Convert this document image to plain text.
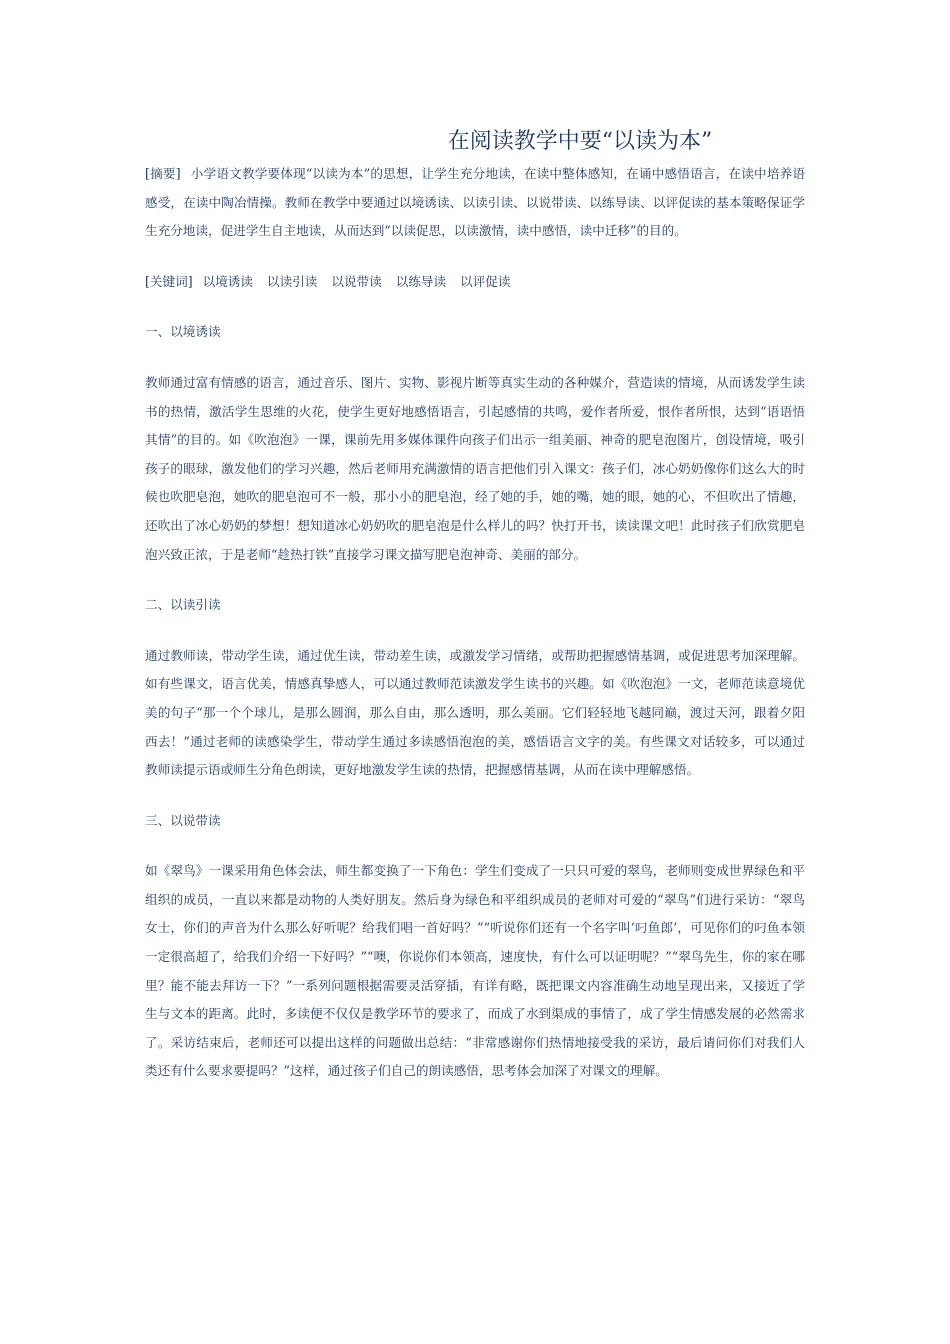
在阅读教学中要“以读为本”

[摘要] 小学语文教学要体现“以读为本”的思想，让学生充分地读，在读中整体感知，在诵中感悟语言，在读中培养语感受，在读中陶冶情操。教师在教学中要通过以境诱读、以读引读、以说带读、以练导读、以评促读的基本策略保证学生充分地读，促进学生自主地读，从而达到“以读促思，以读激情，读中感悟，读中迁移”的目的。

[关键词] 以境诱读 以读引读 以说带读 以练导读 以评促读

一、以境诱读

教师通过富有情感的语言，通过音乐、图片、实物、影视片断等真实生动的各种媒介，营造读的情境，从而诱发学生读书的热情，激活学生思维的火花，使学生更好地感悟语言，引起感情的共鸣，爱作者所爱，恨作者所恨，达到“语语悟其情”的目的。如《吹泡泡》一课，课前先用多媒体课件向孩子们出示一组美丽、神奇的肥皂泡图片，创设情境，吸引孩子的眼球，激发他们的学习兴趣，然后老师用充满激情的语言把他们引入课文：孩子们，冰心奶奶像你们这么大的时候也吹肥皂泡，她吹的肥皂泡可不一般，那小小的肥皂泡，经了她的手，她的嘴，她的眼，她的心，不但吹出了情趣，还吹出了冰心奶奶的梦想！想知道冰心奶奶吹的肥皂泡是什么样儿的吗？快打开书，读读课文吧！此时孩子们欣赏肥皂泡兴致正浓，于是老师“趁热打铁”直接学习课文描写肥皂泡神奇、美丽的部分。

二、以读引读

通过教师读，带动学生读，通过优生读，带动差生读，或激发学习情绪，或帮助把握感情基调，或促进思考加深理解。如有些课文，语言优美，情感真挚感人，可以通过教师范读激发学生读书的兴趣。如《吹泡泡》一文，老师范读意境优美的句子“那一个个球儿，是那么圆润，那么自由，那么透明，那么美丽。它们轻轻地飞越同巅，渡过天河，跟着夕阳西去！”通过老师的读感染学生，带动学生通过多读感悟泡泡的美，感悟语言文字的美。有些课文对话较多，可以通过教师读提示语或师生分角色朗读，更好地激发学生读的热情，把握感情基调，从而在读中理解感悟。

三、以说带读

如《翠鸟》一课采用角色体会法，师生都变换了一下角色：学生们变成了一只只可爱的翠鸟，老师则变成世界绿色和平组织的成员，一直以来都是动物的人类好朋友。然后身为绿色和平组织成员的老师对可爱的“翠鸟”们进行采访：“翠鸟女士，你们的声音为什么那么好听呢？给我们唱一首好吗？”“听说你们还有一个名字叫‘叼鱼郎’，可见你们的叼鱼本领一定很高超了，给我们介绍一下好吗？”“噢，你说你们本领高，速度快，有什么可以证明呢？”“翠鸟先生，你的家在哪里？能不能去拜访一下？”一系列问题根据需要灵活穿插，有详有略，既把课文内容准确生动地呈现出来，又接近了学生与文本的距离。此时，多读便不仅仅是教学环节的要求了，而成了水到渠成的事情了，成了学生情感发展的必然需求了。采访结束后，老师还可以提出这样的问题做出总结：“非常感谢你们热情地接受我的采访，最后请问你们对我们人类还有什么要求要提吗？”这样，通过孩子们自己的朗读感悟，思考体会加深了对课文的理解。
